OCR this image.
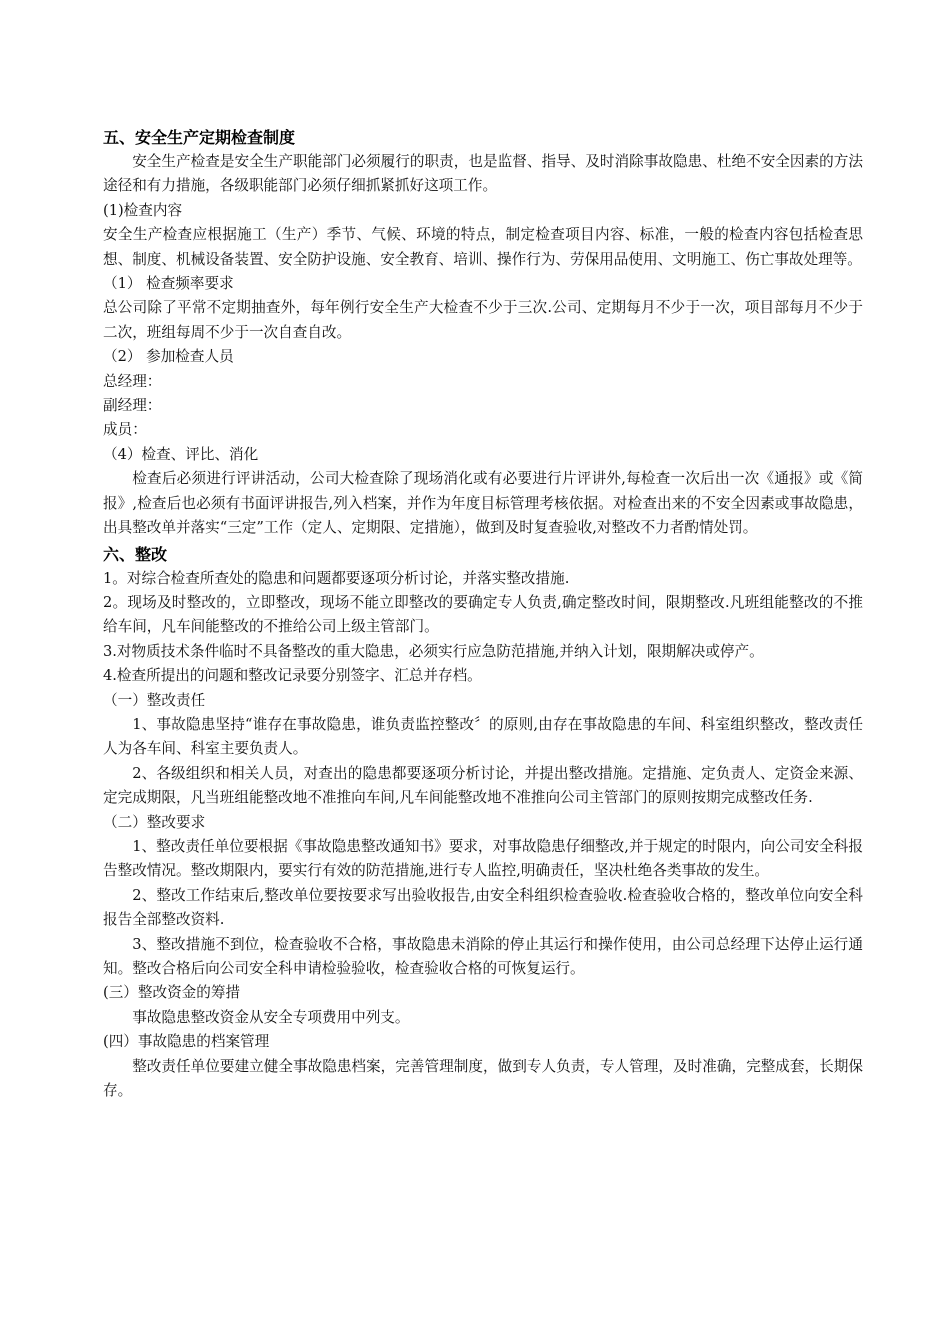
五、安全生产定期检查制度

安全生产检查是安全生产职能部门必须履行的职责，也是监督、指导、及时消除事故隐患、杜绝不安全因素的方法途径和有力措施，各级职能部门必须仔细抓紧抓好这项工作。

(1)检查内容

安全生产检查应根据施工（生产）季节、气候、环境的特点，制定检查项目内容、标准，一般的检查内容包括检查思想、制度、机械设备装置、安全防护设施、安全教育、培训、操作行为、劳保用品使用、文明施工、伤亡事故处理等。

（1） 检查频率要求

总公司除了平常不定期抽查外，每年例行安全生产大检查不少于三次.公司、定期每月不少于一次，项目部每月不少于二次，班组每周不少于一次自查自改。

（2） 参加检查人员

总经理：

副经理：

成员：

（4）检查、评比、消化

检查后必须进行评讲活动，公司大检查除了现场消化或有必要进行片评讲外,每检查一次后出一次《通报》或《简报》,检查后也必须有书面评讲报告,列入档案，并作为年度目标管理考核依据。对检查出来的不安全因素或事故隐患，出具整改单并落实“三定”工作（定人、定期限、定措施），做到及时复查验收,对整改不力者酌情处罚。

六、整改

1。对综合检查所查处的隐患和问题都要逐项分析讨论，并落实整改措施.

2。现场及时整改的，立即整改，现场不能立即整改的要确定专人负责,确定整改时间，限期整改.凡班组能整改的不推给车间，凡车间能整改的不推给公司上级主管部门。

3.对物质技术条件临时不具备整改的重大隐患，必须实行应急防范措施,并纳入计划，限期解决或停产。

4.检查所提出的问题和整改记录要分别签字、汇总并存档。

（一）整改责任

1、事故隐患坚持“谁存在事故隐患，谁负责监控整改〞的原则,由存在事故隐患的车间、科室组织整改，整改责任人为各车间、科室主要负责人。

2、各级组织和相关人员，对查出的隐患都要逐项分析讨论，并提出整改措施。定措施、定负责人、定资金来源、定完成期限，凡当班组能整改地不准推向车间,凡车间能整改地不准推向公司主管部门的原则按期完成整改任务.

（二）整改要求

1、整改责任单位要根据《事故隐患整改通知书》要求，对事故隐患仔细整改,并于规定的时限内，向公司安全科报告整改情况。整改期限内，要实行有效的防范措施,进行专人监控,明确责任，坚决杜绝各类事故的发生。

2、整改工作结束后,整改单位要按要求写出验收报告,由安全科组织检查验收.检查验收合格的，整改单位向安全科报告全部整改资料.

3、整改措施不到位，检查验收不合格，事故隐患未消除的停止其运行和操作使用，由公司总经理下达停止运行通知。整改合格后向公司安全科申请检验验收，检查验收合格的可恢复运行。

(三）整改资金的筹措

事故隐患整改资金从安全专项费用中列支。

(四）事故隐患的档案管理

整改责任单位要建立健全事故隐患档案，完善管理制度，做到专人负责，专人管理，及时准确，完整成套，长期保存。
